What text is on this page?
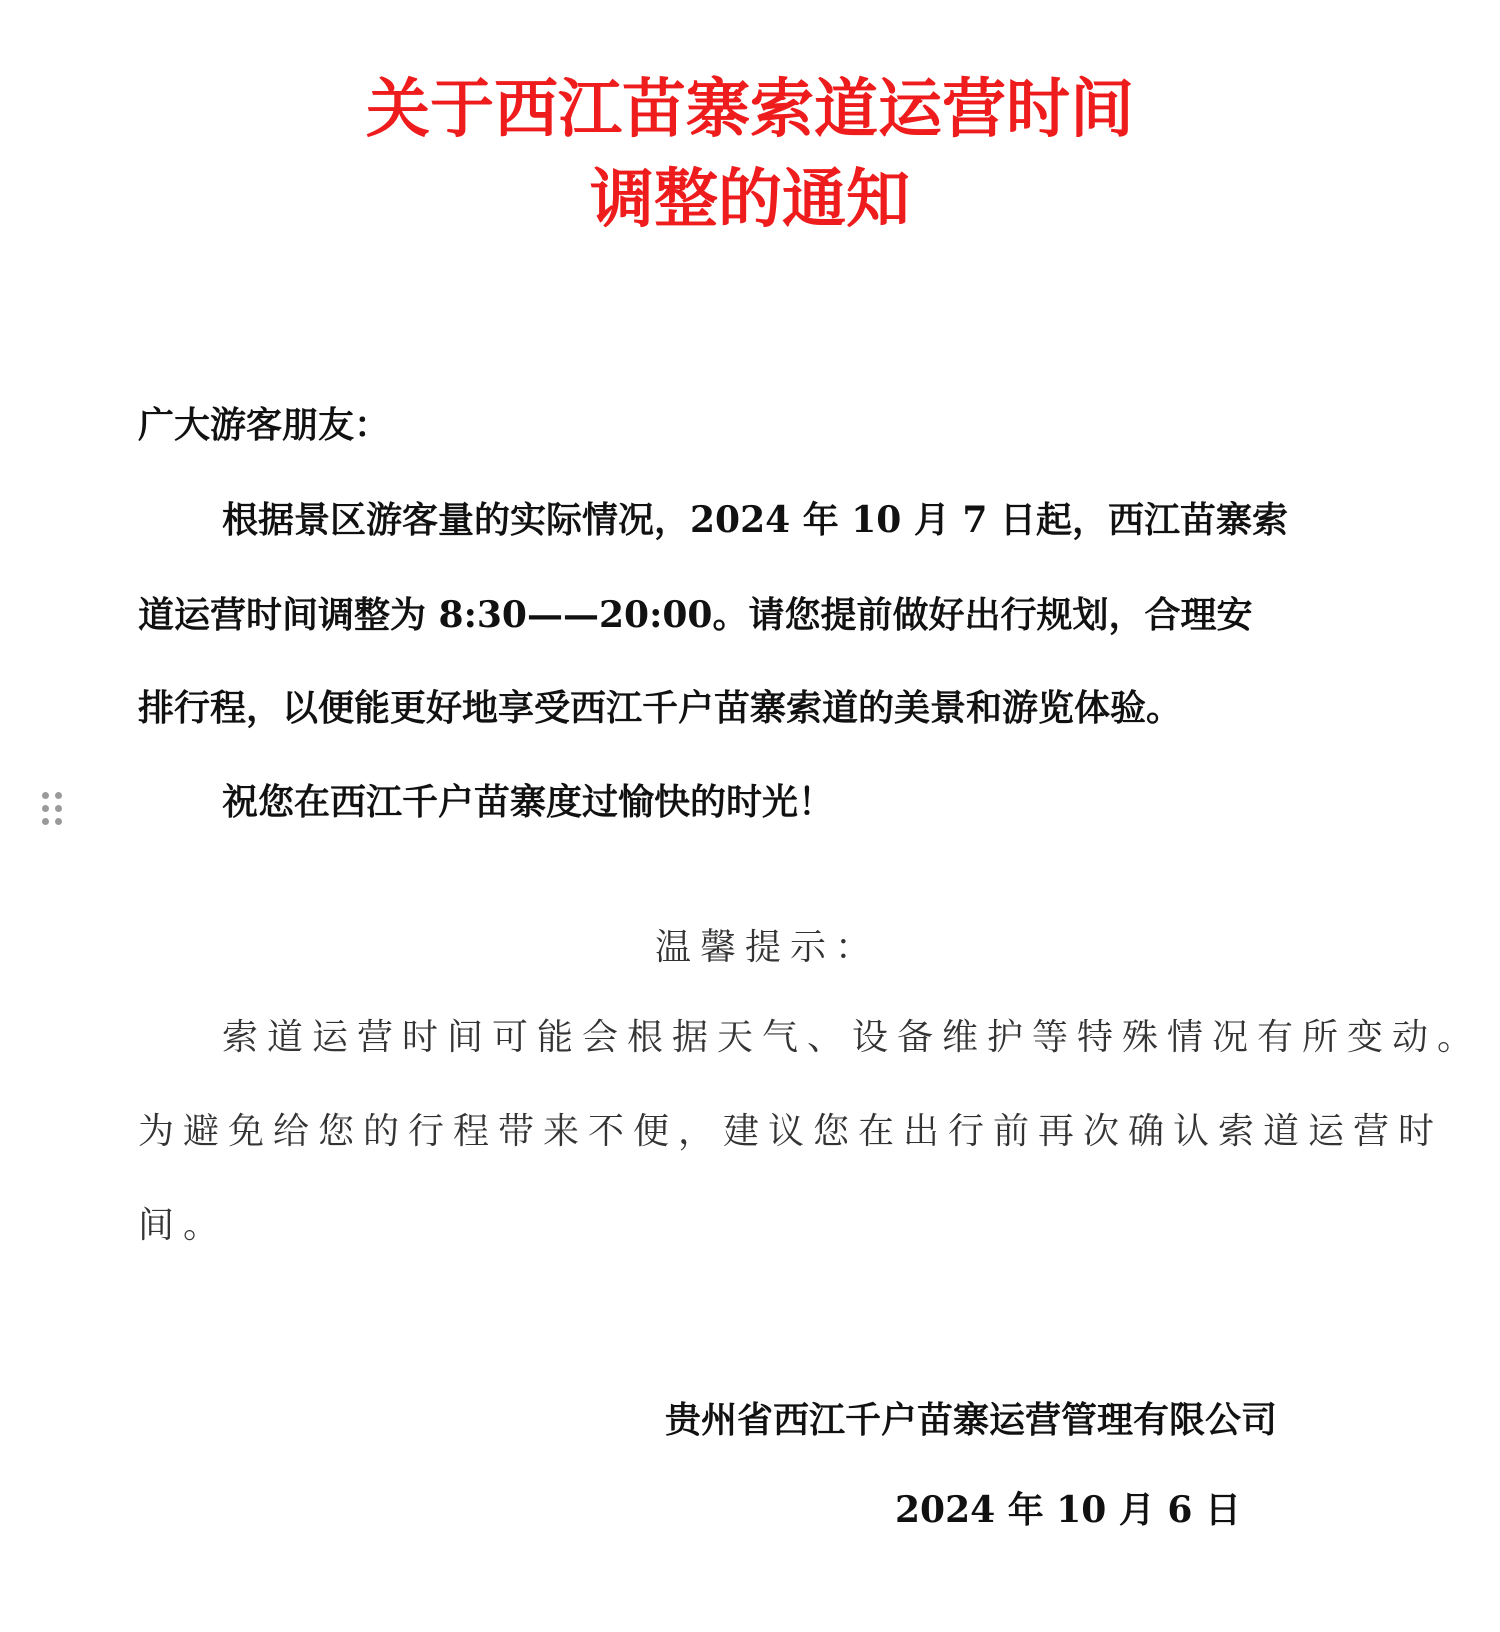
关于西江苗寨索道运营时间
调整的通知
广大游客朋友：
根据景区游客量的实际情况，2024 年 10 月 7 日起，西江苗寨索
道运营时间调整为 8:30——20:00。请您提前做好出行规划，合理安
排行程，以便能更好地享受西江千户苗寨索道的美景和游览体验。
祝您在西江千户苗寨度过愉快的时光！
温馨提示：
索道运营时间可能会根据天气、设备维护等特殊情况有所变动。
为避免给您的行程带来不便，建议您在出行前再次确认索道运营时
间。
贵州省西江千户苗寨运营管理有限公司
2024 年 10 月 6 日
